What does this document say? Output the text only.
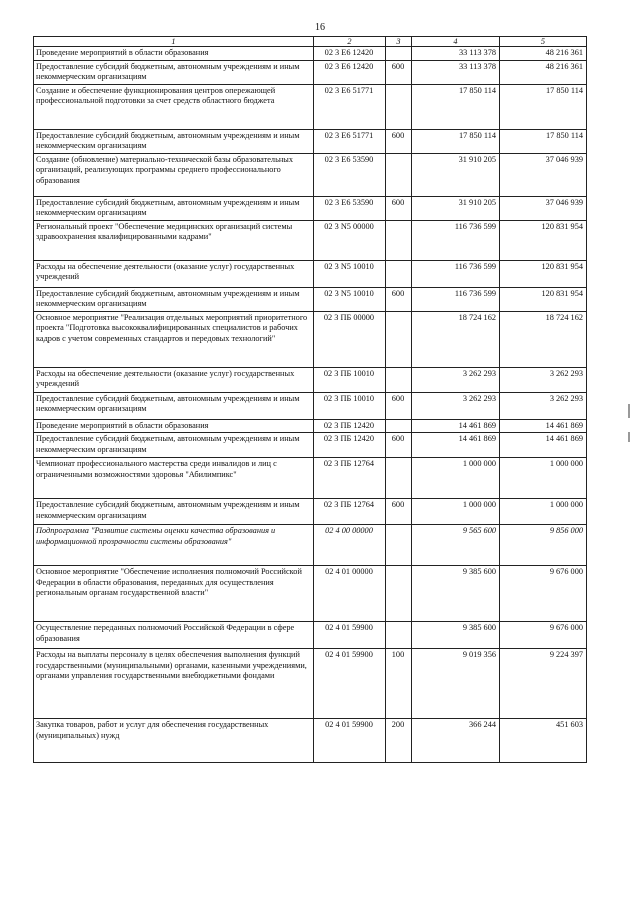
16
1	2	3	4	5
Проведение мероприятий в области образования	02 3 E6 12420		33 113 378	48 216 361
Предоставление субсидий бюджетным, автономным учреждениям и иным некоммерческим организациям	02 3 E6 12420	600	33 113 378	48 216 361
Создание и обеспечение функционирования центров опережающей профессиональной подготовки за счет средств областного бюджета	02 3 E6 51771		17 850 114	17 850 114
Предоставление субсидий бюджетным, автономным учреждениям и иным некоммерческим организациям	02 3 E6 51771	600	17 850 114	17 850 114
Создание (обновление) материально-технической базы образовательных организаций, реализующих программы среднего профессионального образования	02 3 E6 53590		31 910 205	37 046 939
Предоставление субсидий бюджетным, автономным учреждениям и иным некоммерческим организациям	02 3 E6 53590	600	31 910 205	37 046 939
Региональный проект "Обеспечение медицинских организаций системы здравоохранения квалифицированными кадрами"	02 3 N5 00000		116 736 599	120 831 954
Расходы на обеспечение деятельности (оказание услуг) государственных учреждений	02 3 N5 10010		116 736 599	120 831 954
Предоставление субсидий бюджетным, автономным учреждениям и иным некоммерческим организациям	02 3 N5 10010	600	116 736 599	120 831 954
Основное мероприятие "Реализация отдельных мероприятий приоритетного проекта "Подготовка высококвалифицированных специалистов и рабочих кадров с учетом современных стандартов и передовых технологий"	02 3 ПБ 00000		18 724 162	18 724 162
Расходы на обеспечение деятельности (оказание услуг) государственных учреждений	02 3 ПБ 10010		3 262 293	3 262 293
Предоставление субсидий бюджетным, автономным учреждениям и иным некоммерческим организациям	02 3 ПБ 10010	600	3 262 293	3 262 293
Проведение мероприятий в области образования	02 3 ПБ 12420		14 461 869	14 461 869
Предоставление субсидий бюджетным, автономным учреждениям и иным некоммерческим организациям	02 3 ПБ 12420	600	14 461 869	14 461 869
Чемпионат профессионального мастерства среди инвалидов и лиц с ограниченными возможностями здоровья "Абилимпикс"	02 3 ПБ 12764		1 000 000	1 000 000
Предоставление субсидий бюджетным, автономным учреждениям и иным некоммерческим организациям	02 3 ПБ 12764	600	1 000 000	1 000 000
Подпрограмма "Развитие системы оценки качества образования и информационной прозрачности системы образования"	02 4 00 00000		9 565 600	9 856 000
Основное мероприятие "Обеспечение исполнения полномочий Российской Федерации в области образования, переданных для осуществления региональным органам государственной власти"	02 4 01 00000		9 385 600	9 676 000
Осуществление переданных полномочий Российской Федерации в сфере образования	02 4 01 59900		9 385 600	9 676 000
Расходы на выплаты персоналу в целях обеспечения выполнения функций государственными (муниципальными) органами, казенными учреждениями, органами управления государственными внебюджетными фондами	02 4 01 59900	100	9 019 356	9 224 397
Закупка товаров, работ и услуг для обеспечения государственных (муниципальных) нужд	02 4 01 59900	200	366 244	451 603
